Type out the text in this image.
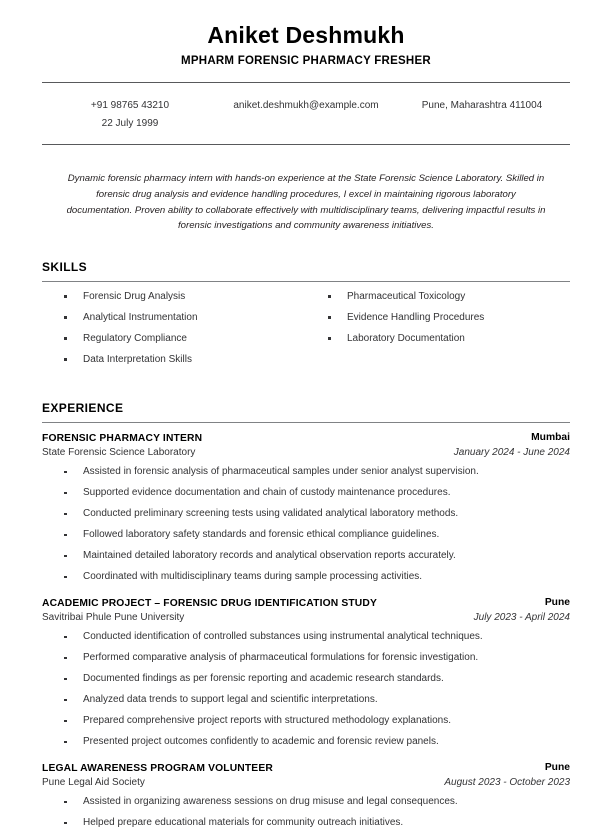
Aniket Deshmukh
MPHARM FORENSIC PHARMACY FRESHER
+91 98765 43210
22 July 1999
aniket.deshmukh@example.com	Pune, Maharashtra 411004

Dynamic forensic pharmacy intern with hands-on experience at the State Forensic Science Laboratory. Skilled in forensic drug analysis and evidence handling procedures, I excel in maintaining rigorous laboratory documentation. Proven ability to collaborate effectively with multidisciplinary teams, delivering impactful results in forensic investigations and community awareness initiatives.

SKILLS
Forensic Drug Analysis
Analytical Instrumentation
Regulatory Compliance
Data Interpretation Skills
Pharmaceutical Toxicology
Evidence Handling Procedures
Laboratory Documentation
EXPERIENCE
FORENSIC PHARMACY INTERN	Mumbai
State Forensic Science Laboratory	January 2024 - June 2024
Assisted in forensic analysis of pharmaceutical samples under senior analyst supervision.
Supported evidence documentation and chain of custody maintenance procedures.
Conducted preliminary screening tests using validated analytical laboratory methods.
Followed laboratory safety standards and forensic ethical compliance guidelines.
Maintained detailed laboratory records and analytical observation reports accurately.
Coordinated with multidisciplinary teams during sample processing activities.
ACADEMIC PROJECT – FORENSIC DRUG IDENTIFICATION STUDY	Pune
Savitribai Phule Pune University	July 2023 - April 2024
Conducted identification of controlled substances using instrumental analytical techniques.
Performed comparative analysis of pharmaceutical formulations for forensic investigation.
Documented findings as per forensic reporting and academic research standards.
Analyzed data trends to support legal and scientific interpretations.
Prepared comprehensive project reports with structured methodology explanations.
Presented project outcomes confidently to academic and forensic review panels.
LEGAL AWARENESS PROGRAM VOLUNTEER	Pune
Pune Legal Aid Society	August 2023 - October 2023
Assisted in organizing awareness sessions on drug misuse and legal consequences.
Helped prepare educational materials for community outreach initiatives.
